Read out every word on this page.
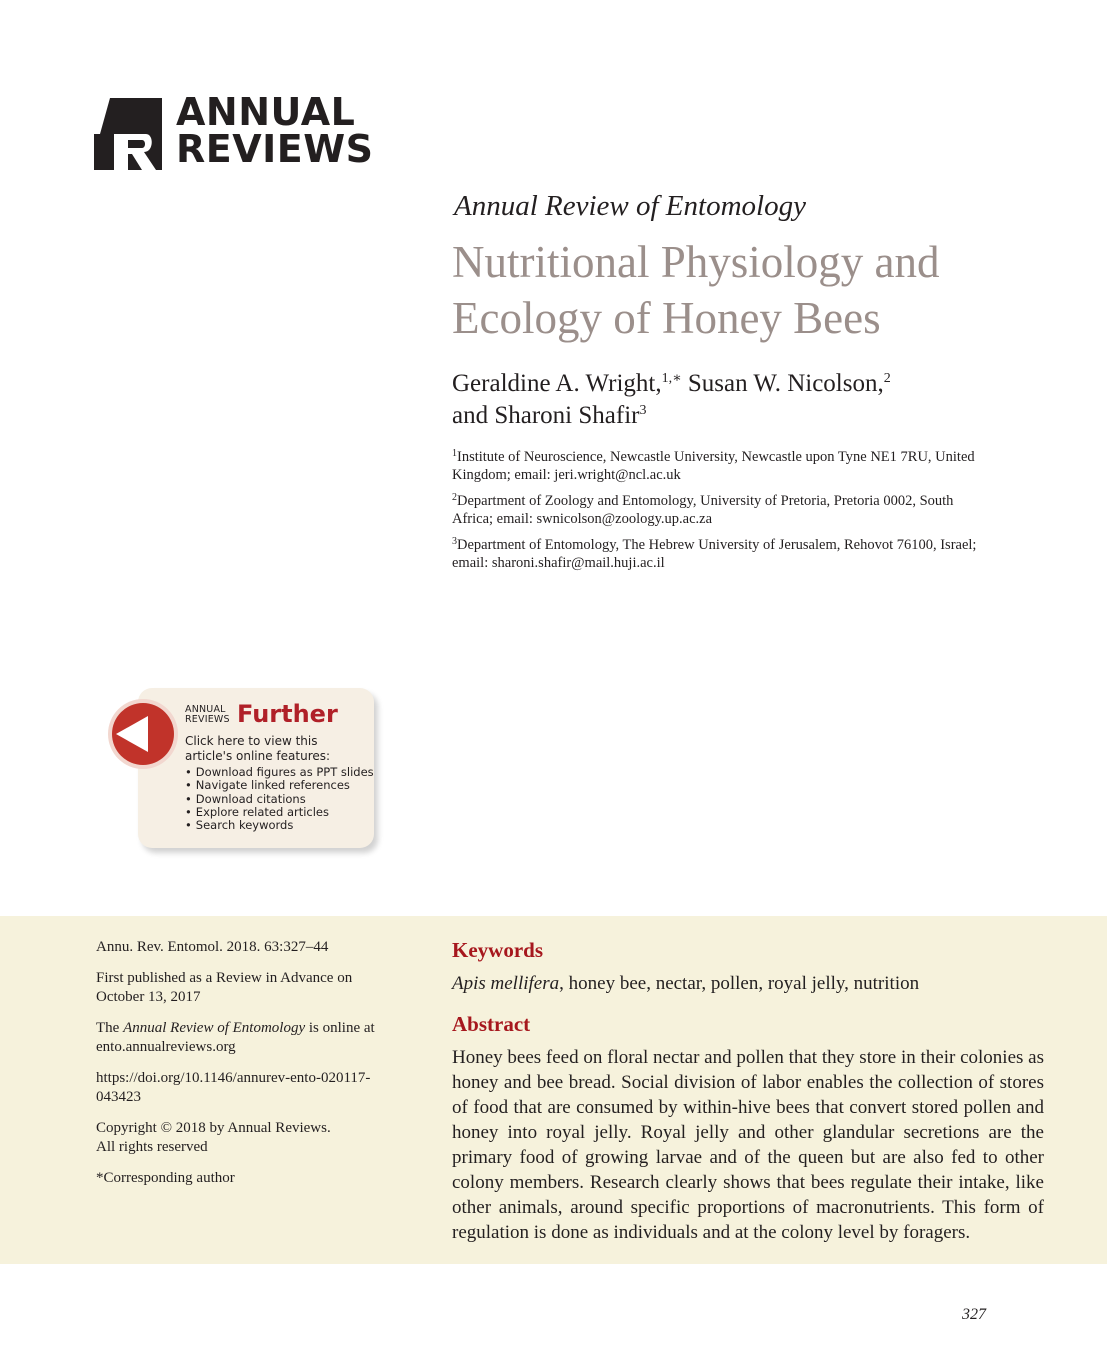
ANNUAL
REVIEWS
Annual Review of Entomology
Nutritional Physiology and Ecology of Honey Bees
Geraldine A. Wright,$^{1,∗}$ Susan W. Nicolson,$^2$
and Sharoni Shafir$^3$
$^1$Institute of Neuroscience, Newcastle University, Newcastle upon Tyne NE1 7RU, United Kingdom; email: jeri.wright@ncl.ac.uk
$^2$Department of Zoology and Entomology, University of Pretoria, Pretoria 0002, South Africa; email: swnicolson@zoology.up.ac.za
$^3$Department of Entomology, The Hebrew University of Jerusalem, Rehovot 76100, Israel; email: sharoni.shafir@mail.huji.ac.il
ANNUAL
REVIEWS Further
Click here to view this article's online features:
• Download figures as PPT slides
• Navigate linked references
• Download citations
• Explore related articles
• Search keywords

Annu. Rev. Entomol. 2018. 63:327–44

First published as a Review in Advance on October 13, 2017

The Annual Review of Entomology is online at ento.annualreviews.org

https://doi.org/10.1146/annurev-ento-020117-043423

Copyright © 2018 by Annual Reviews.
All rights reserved

*Corresponding author

Keywords
Apis mellifera, honey bee, nectar, pollen, royal jelly, nutrition
Abstract

Honey bees feed on floral nectar and pollen that they store in their colonies as honey and bee bread. Social division of labor enables the collection of stores of food that are consumed by within-hive bees that convert stored pollen and honey into royal jelly. Royal jelly and other glandular secretions are the primary food of growing larvae and of the queen but are also fed to other colony members. Research clearly shows that bees regulate their intake, like other animals, around specific proportions of macronutrients. This form of regulation is done as individuals and at the colony level by foragers.

327
